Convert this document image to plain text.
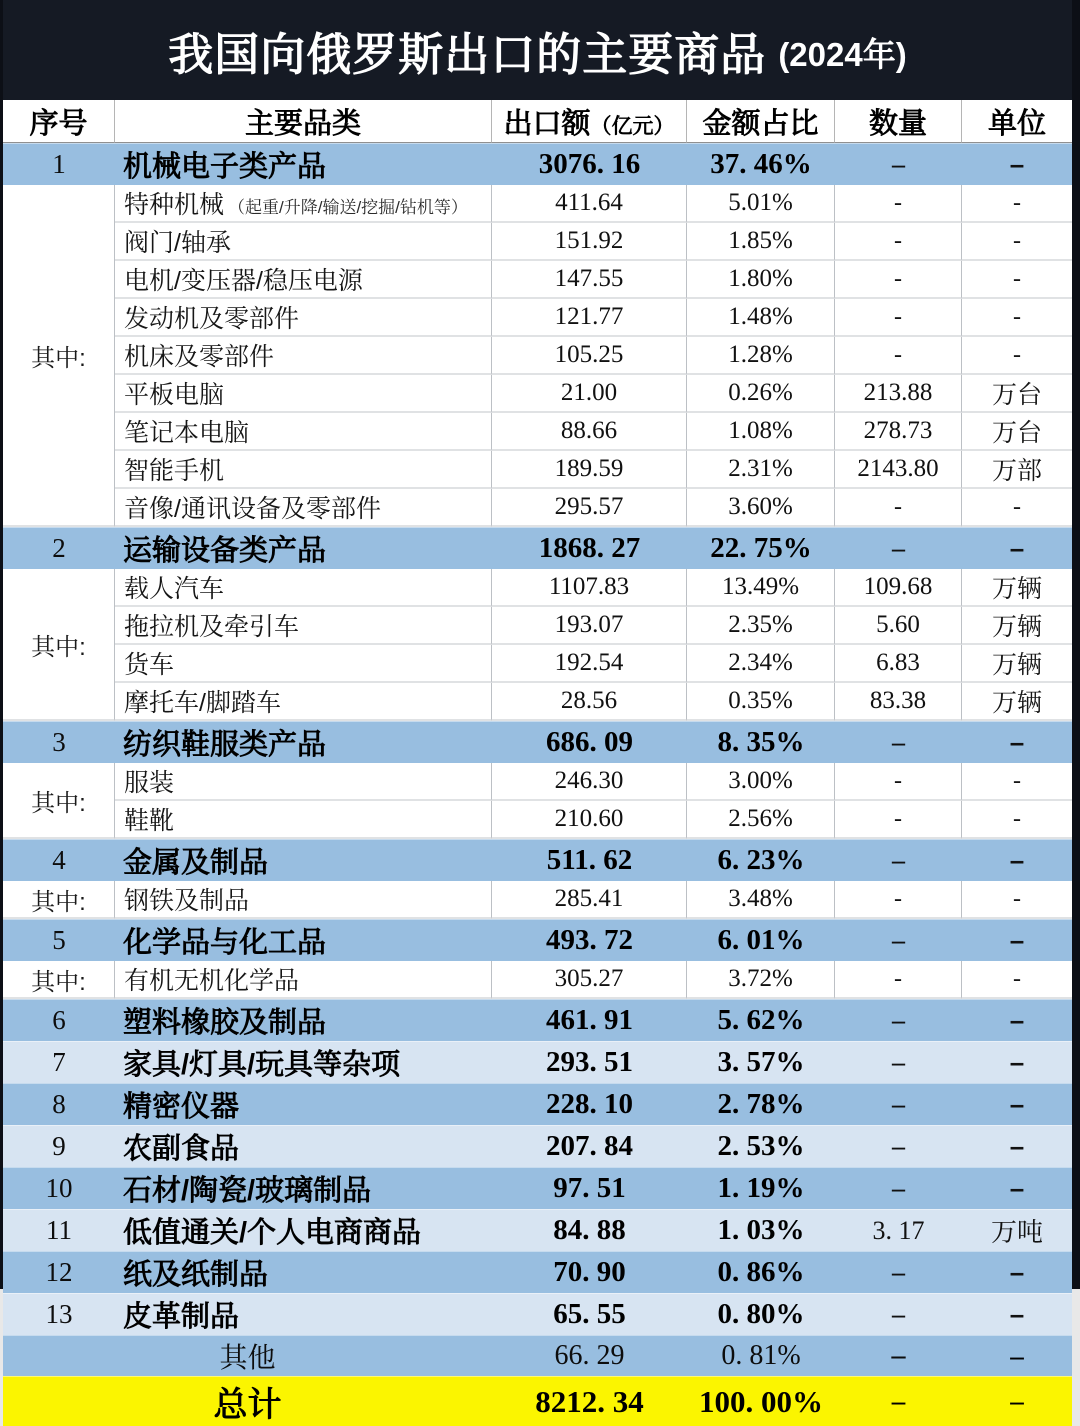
我国向俄罗斯出口的主要商品 (2024年)
序号	主要品类	出口额（亿元）	金额占比	数量	单位
1	机械电子类产品	3076. 16	37. 46%	–	–
其中:	特种机械 （起重/升降/输送/挖掘/钻机等）	411.64	5.01%	-	-
	阀门/轴承	151.92	1.85%	-	-
	电机/变压器/稳压电源	147.55	1.80%	-	-
	发动机及零部件	121.77	1.48%	-	-
	机床及零部件	105.25	1.28%	-	-
	平板电脑	21.00	0.26%	213.88	万台
	笔记本电脑	88.66	1.08%	278.73	万台
	智能手机	189.59	2.31%	2143.80	万部
	音像/通讯设备及零部件	295.57	3.60%	-	-
2	运输设备类产品	1868. 27	22. 75%	–	–
其中:	载人汽车	1107.83	13.49%	109.68	万辆
	拖拉机及牵引车	193.07	2.35%	5.60	万辆
	货车	192.54	2.34%	6.83	万辆
	摩托车/脚踏车	28.56	0.35%	83.38	万辆
3	纺织鞋服类产品	686. 09	8. 35%	–	–
其中:	服装	246.30	3.00%	-	-
	鞋靴	210.60	2.56%	-	-
4	金属及制品	511. 62	6. 23%	–	–
其中:	钢铁及制品	285.41	3.48%	-	-
5	化学品与化工品	493. 72	6. 01%	–	–
其中:	有机无机化学品	305.27	3.72%	-	-
6	塑料橡胶及制品	461. 91	5. 62%	–	–
7	家具/灯具/玩具等杂项	293. 51	3. 57%	–	–
8	精密仪器	228. 10	2. 78%	–	–
9	农副食品	207. 84	2. 53%	–	–
10	石材/陶瓷/玻璃制品	97. 51	1. 19%	–	–
11	低值通关/个人电商商品	84. 88	1. 03%	3. 17	万吨
12	纸及纸制品	70. 90	0. 86%	–	–
13	皮革制品	65. 55	0. 80%	–	–
其他		66. 29	0. 81%	–	–
总计		8212. 34	100. 00%	–	–
